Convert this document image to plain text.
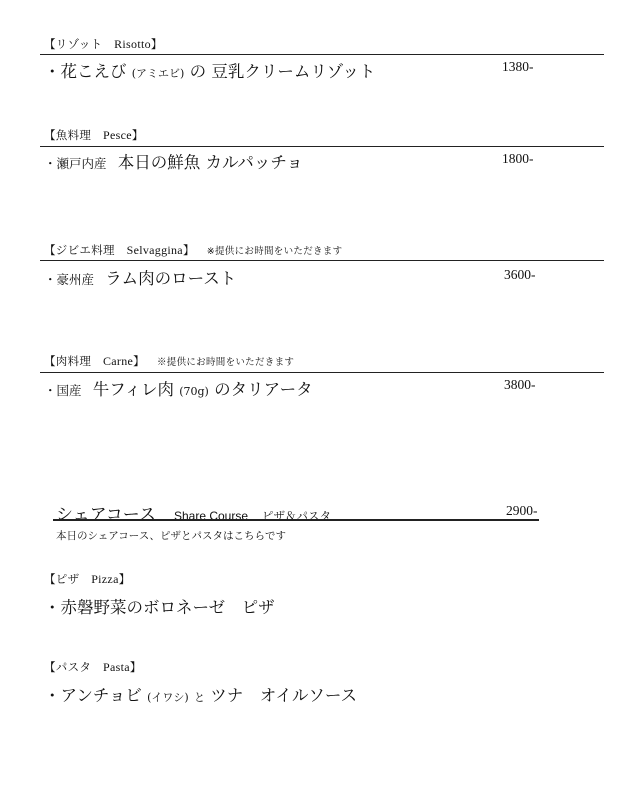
【リゾット　Risotto】
・花こえび (アミエビ) の 豆乳クリームリゾット	1380-
【魚料理　Pesce】
・瀬戸内産 本日の鮮魚 カルパッチョ	1800-
【ジビエ料理　Selvaggina】 ※提供にお時間をいただきます
・豪州産 ラム肉のロースト	3600-
【肉料理　Carne】 ※提供にお時間をいただきます
・国産 牛フィレ肉 (70g) のタリアータ	3800-
シェアコース Share Course ピザ＆パスタ	2900-
本日のシェアコース、ピザとパスタはこちらです
【ピザ　Pizza】
・赤磐野菜のボロネーゼ　ピザ
【パスタ　Pasta】
・アンチョビ (イワシ) と ツナ　オイルソース
